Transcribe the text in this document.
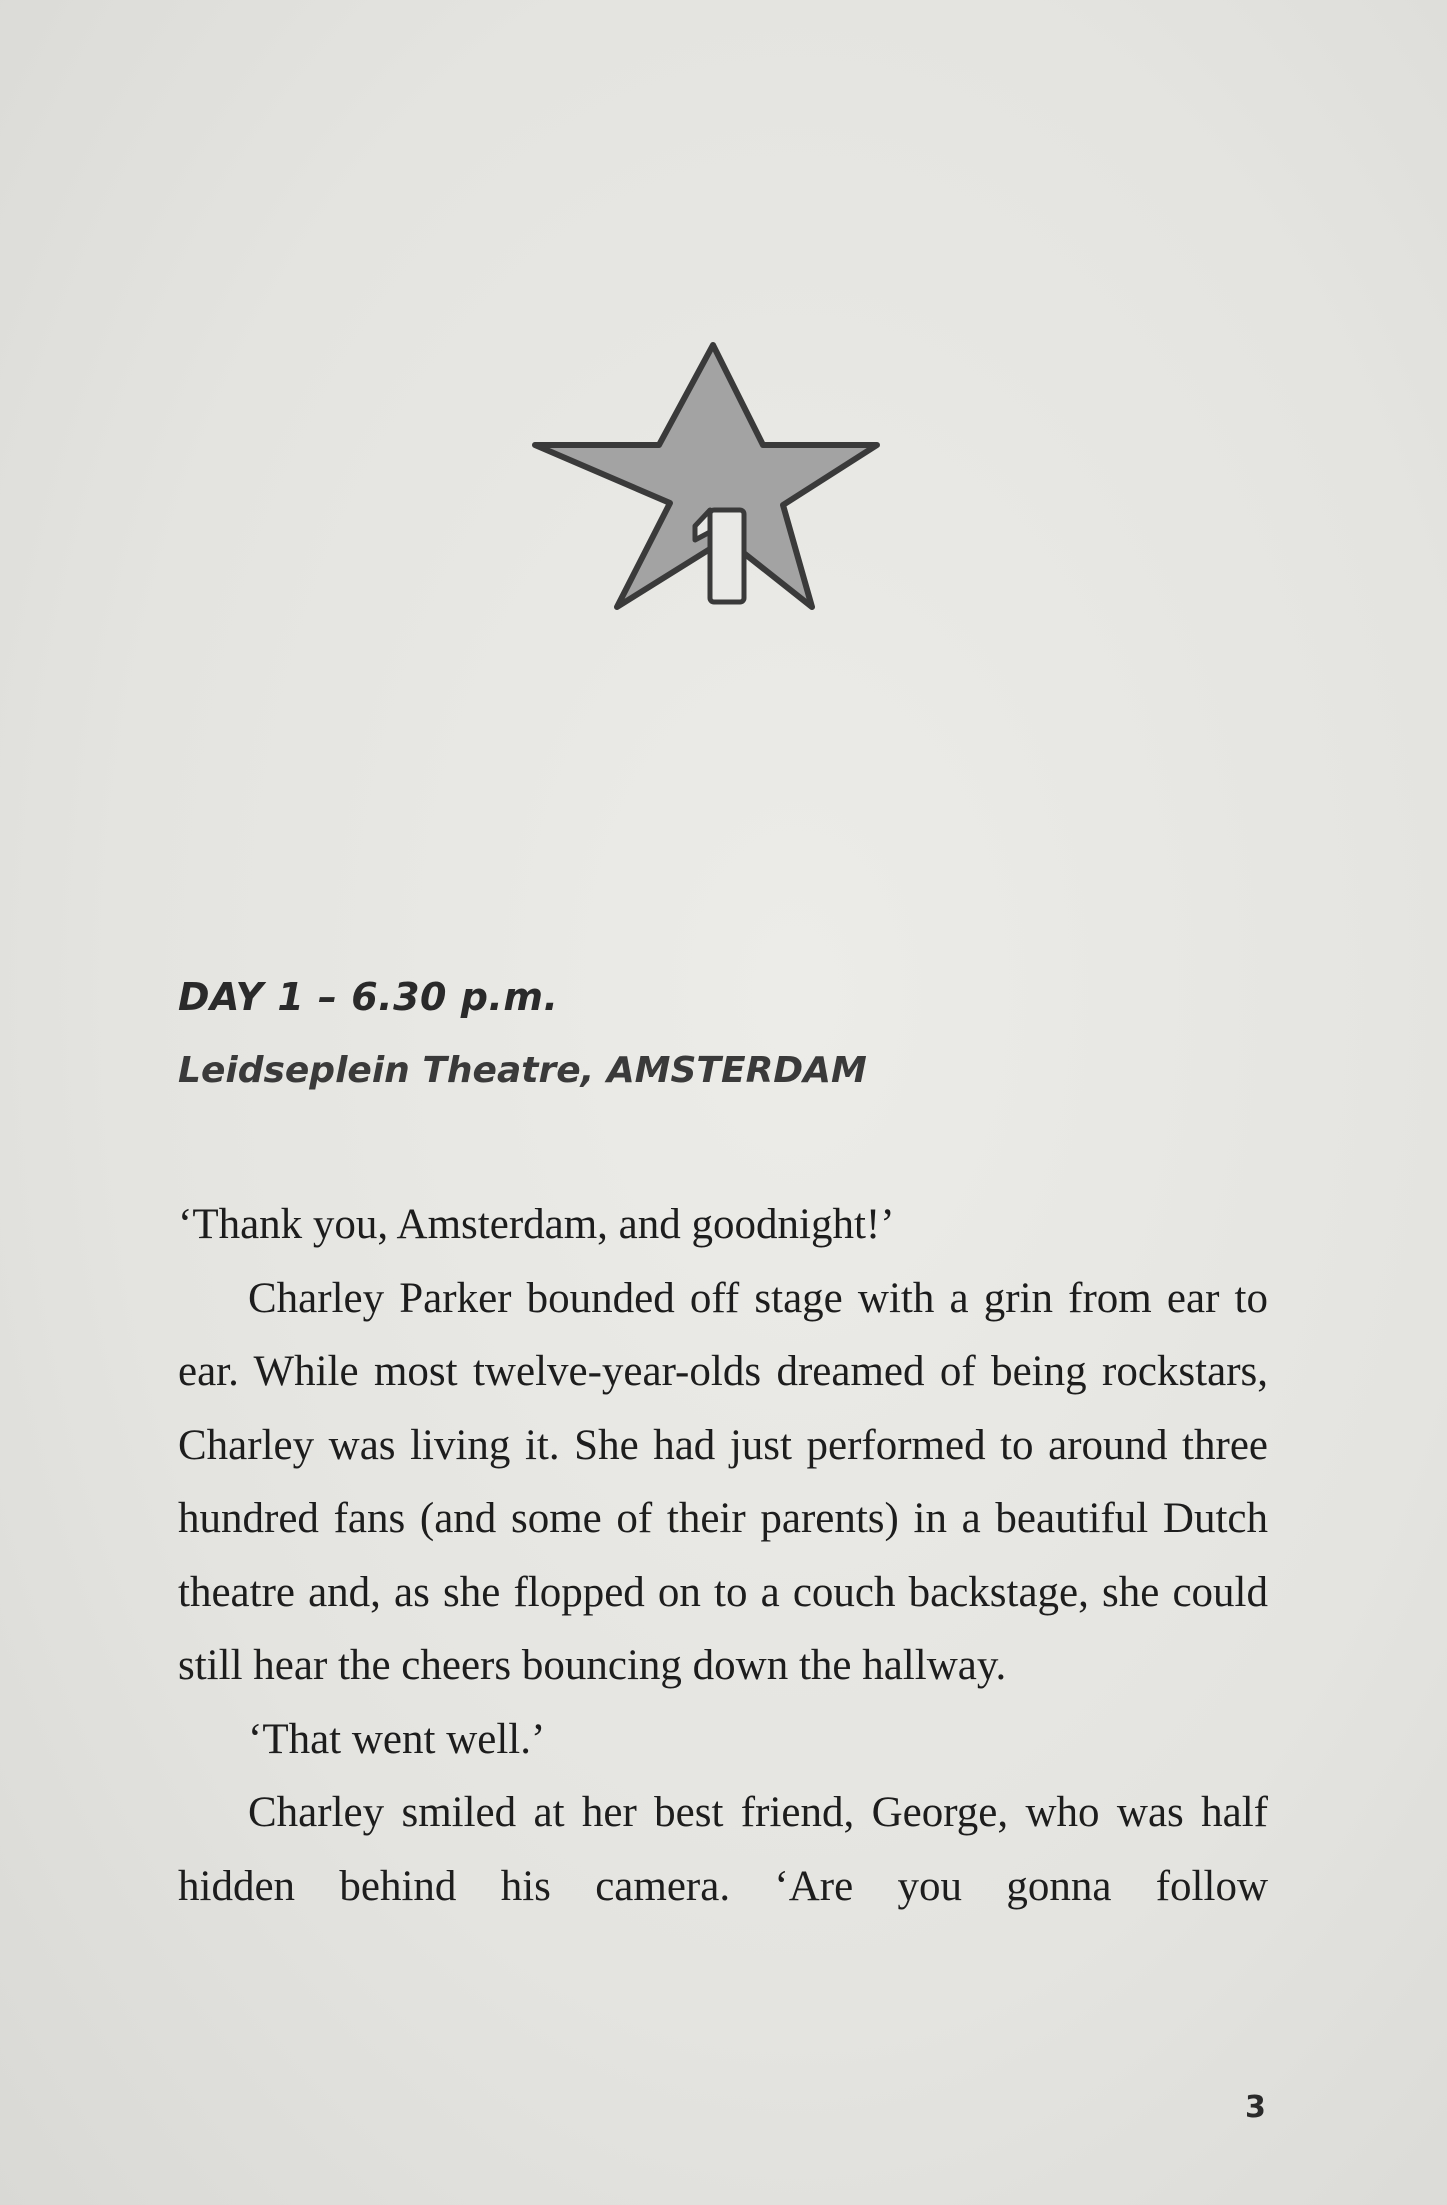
1
DAY 1 – 6.30 p.m.
Leidseplein Theatre, AMSTERDAM

‘Thank you, Amsterdam, and goodnight!’

Charley Parker bounded off stage with a grin from ear to ear. While most twelve-year-olds dreamed of being rockstars, Charley was living it. She had just performed to around three hundred fans (and some of their parents) in a beautiful Dutch theatre and, as she flopped on to a couch backstage, she could still hear the cheers bouncing down the hallway.

‘That went well.’

Charley smiled at her best friend, George, who was half hidden behind his camera. ‘Are you gonna follow

3
